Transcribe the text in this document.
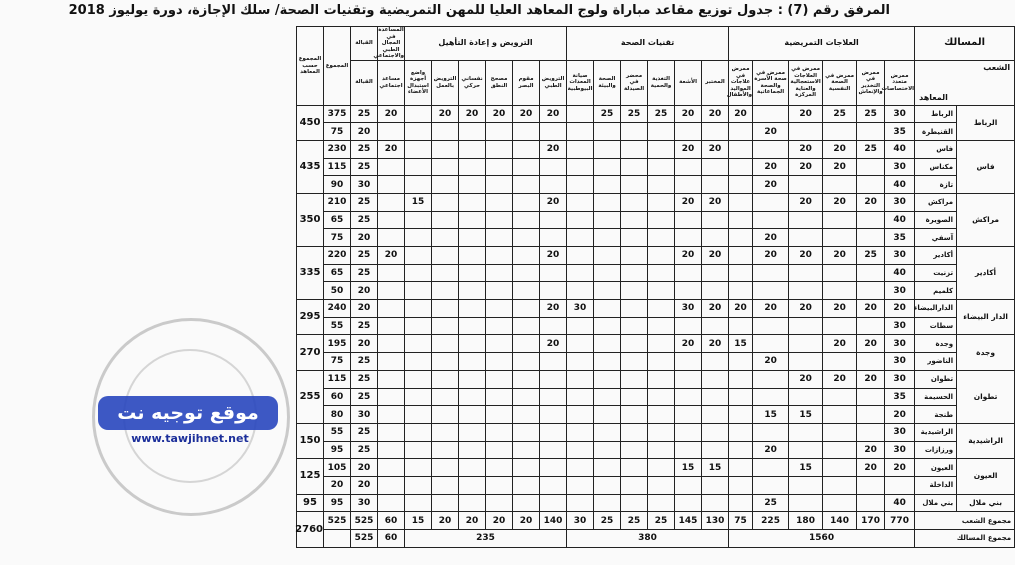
المرفق رقم (7) : جدول توزيع مقاعد مباراة ولوج المعاهد العليا للمهن التمريضية وتقنيات الصحة/ سلك الإجازة، دورة يوليوز 2018
المسالك		العلاجات التمريضية						تقنيات الصحة						الترويض و إعادة التأهيل						المساعدة في المجال الطبي والاجتماعي	القبالة	المجموع	المجموع حسب المعاهد

الشعب
المعاهد		ممرض متعدد الاختصاصات	ممرض في التخدير والإنعاش	ممرض في الصحة النفسية	ممرض في العلاجات الاستعجالية والعناية المركزة	ممرض في صحة الأسرة والصحة الجماعاتية	ممرض في علاجات المواليد والأطفال	المختبر	الأشعة	التغذية والحمية	محضر في الصيدلة	الصحة والبيئة	صيانة المعدات البيوطبية	الترويض الطبي	مقوم البصر	مصحح النطق	نفساني حركي	الترويض بالعمل	واضع أجهزة استبدال الأعضاء	مساعد اجتماعي	القبالة		
الرباط	الرباط	30	25	25	20		20	20	20	25	25	25		20	20	20	20	20		20	25	375	450
	القنيطرة	35				20															20	75	
فاس	فاس	40	25	20	20			20	20					20						20	25	230	435
	مكناس	30		20	20	20															25	115	
	تازة	40				20															30	90	
مراكش	مراكش	30	20	20	20			20	20					20					15		25	210	350
	الصويرة	40																			25	65	
	آسفي	35				20															20	75	
أكادير	أكادير	30	25	20	20	20		20	20					20						20	25	220	335
	تزنيت	40																			25	65	
	كلميم	30																			20	50	
الدار البيضاء	الدارالبيضاء	20	20	20	20	20	20	20	30				30	20							20	240	295
	سطات	30																			25	55	
وجدة	وجدة	30	20	20			15	20	20					20							20	195	270
	الناضور	30				20															25	75	
تطوان	تطوان	30	20	20	20																25	115	255
	الحسيمة	35																			25	60	
	طنجة	20			15	15															30	80	
الراشيدية	الراشيدية	30																			25	55	150
	ورزازات	30	20			20															25	95	
العيون	العيون	20	20		15			15	15												20	105	125
	الداخلة																				20	20	
بني ملال	بني ملال	40				25															30	95	95
مجموع الشعب		770	170	140	180	225	75	130	145	25	25	25	30	140	20	20	20	20	15	60	525	525	2760
مجموع المسالك		1560						380						235						60	525		
موقع توجيه نت
www.tawjihnet.net
